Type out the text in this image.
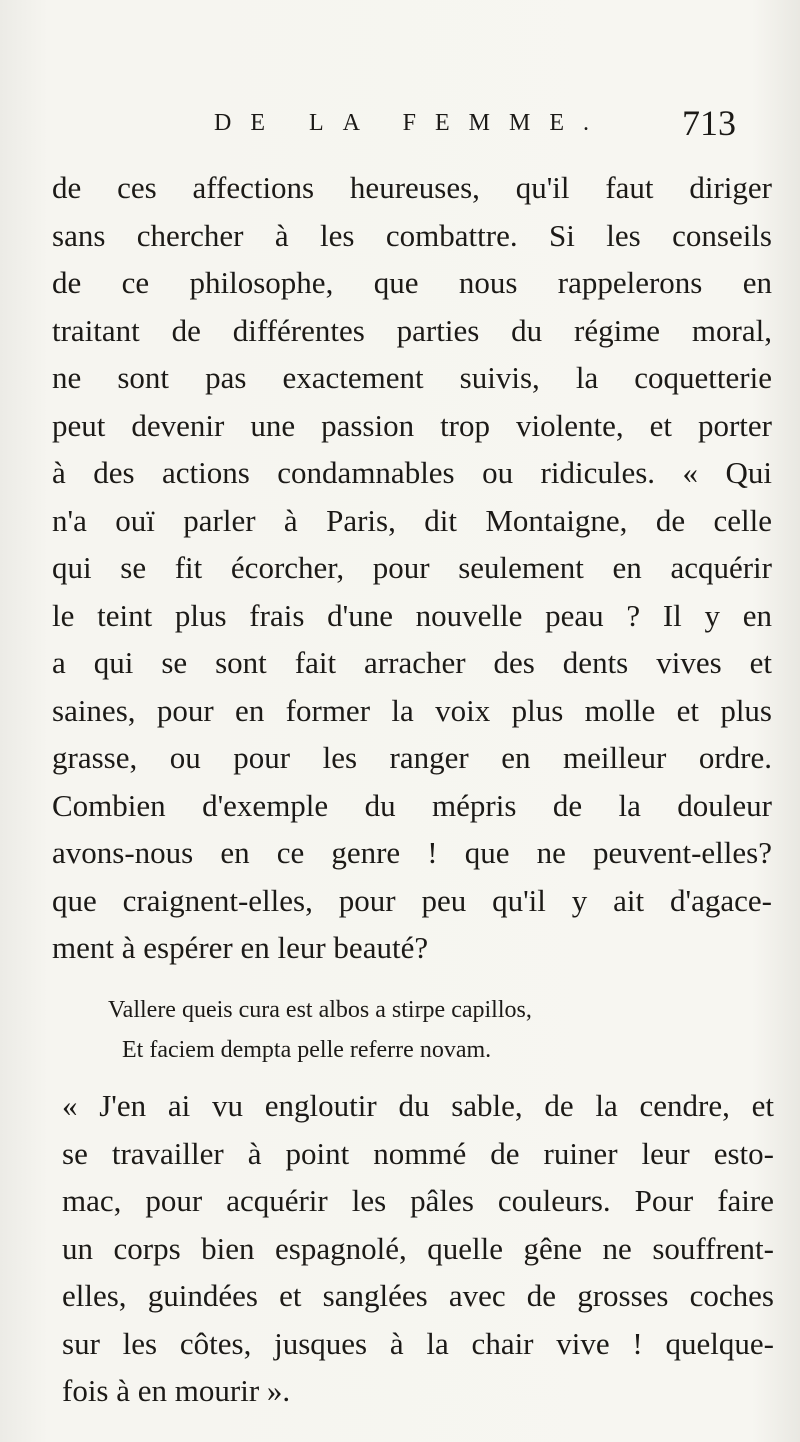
DE LA FEMME. 713
de ces affections heureuses, qu'il faut diriger
sans chercher à les combattre. Si les conseils
de ce philosophe, que nous rappelerons en
traitant de différentes parties du régime moral,
ne sont pas exactement suivis, la coquetterie
peut devenir une passion trop violente, et porter
à des actions condamnables ou ridicules. « Qui
n'a ouï parler à Paris, dit Montaigne, de celle
qui se fit écorcher, pour seulement en acquérir
le teint plus frais d'une nouvelle peau ? Il y en
a qui se sont fait arracher des dents vives et
saines, pour en former la voix plus molle et plus
grasse, ou pour les ranger en meilleur ordre.
Combien d'exemple du mépris de la douleur
avons-nous en ce genre ! que ne peuvent-elles?
que craignent-elles, pour peu qu'il y ait d'agace-
ment à espérer en leur beauté?
Vallere queis cura est albos a stirpe capillos,
Et faciem dempta pelle referre novam.
« J'en ai vu engloutir du sable, de la cendre, et
se travailler à point nommé de ruiner leur esto-
mac, pour acquérir les pâles couleurs. Pour faire
un corps bien espagnolé, quelle gêne ne souffrent-
elles, guindées et sanglées avec de grosses coches
sur les côtes, jusques à la chair vive ! quelque-
fois à en mourir ».
